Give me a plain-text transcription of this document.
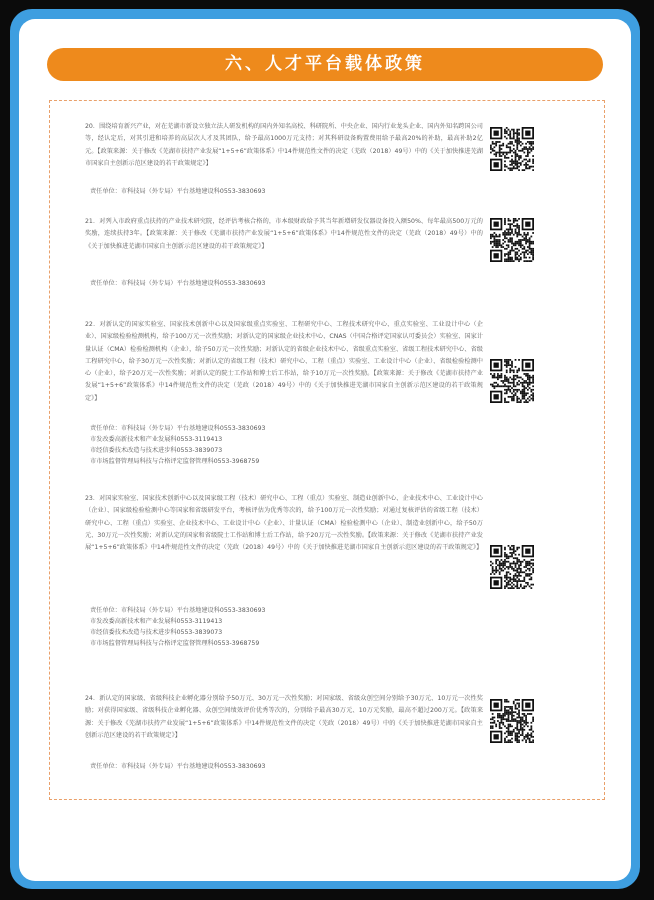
六、人才平台载体政策

20．围绕培育新兴产业，对在芜湖市新设立独立法人研发机构的国内外知名高校、科研院所、中央企业、国内行业龙头企业、国内外知名跨国公司等，经认定后，对其引进和培养的高层次人才及其团队，给予最高1000万元支持；对其科研设备购置费用给予最高20%的补助，最高补助2亿元。【政策来源：关于修改《芜湖市扶持产业发展“1+5+6”政策体系》中14件规范性文件的决定（芜政（2018）49号）中的《关于加快推进芜湖市国家自主创新示范区建设的若干政策规定》】

责任单位：市科技局（外专局）平台基地建设科0553-3830693

21．对列入市政府重点扶持的产业技术研究院，经评估考核合格的，市本级财政给予其当年新增研发仪器设备投入额50%、每年最高500万元的奖励，连续扶持3年。【政策来源：关于修改《芜湖市扶持产业发展“1+5+6”政策体系》中14件规范性文件的决定（芜政（2018）49号）中的《关于加快推进芜湖市国家自主创新示范区建设的若干政策规定》】

责任单位：市科技局（外专局）平台基地建设科0553-3830693

22．对新认定的国家实验室、国家技术创新中心以及国家级重点实验室、工程研究中心、工程技术研究中心、重点实验室、工业设计中心（企业）、国家级检验检测机构，给予100万元一次性奖励；对新认定的国家级企业技术中心、CNAS（中国合格评定国家认可委员会）实验室、国家计量认证（CMA）检验检测机构（企业），给予50万元一次性奖励；对新认定的省级企业技术中心、省级重点实验室、省级工程技术研究中心、省级工程研究中心，给予30万元一次性奖励；对新认定的省级工程（技术）研究中心、工程（重点）实验室、工业设计中心（企业）、省级检验检测中心（企业），给予20万元一次性奖励；对新认定的院士工作站和博士后工作站，给予10万元一次性奖励。【政策来源：关于修改《芜湖市扶持产业发展“1+5+6”政策体系》中14件规范性文件的决定（芜政（2018）49号）中的《关于加快推进芜湖市国家自主创新示范区建设的若干政策规定》】

责任单位：市科技局（外专局）平台基地建设科0553-3830693
市发改委高新技术和产业发展科0553-3119413
市经信委技术改造与技术进步科0553-3839073
市市场监督管理局科技与合格评定监督管理科0553-3968759

23．对国家实验室、国家技术创新中心以及国家级工程（技术）研究中心、工程（重点）实验室、制造业创新中心、企业技术中心、工业设计中心（企业）、国家级检验检测中心等国家和省级研发平台，考核评估为优秀等次的，给予100万元一次性奖励；对通过复核评估的省级工程（技术）研究中心、工程（重点）实验室、企业技术中心、工业设计中心（企业）、计量认证（CMA）检验检测中心（企业）、制造业创新中心，给予50万元、30万元一次性奖励；对新认定的国家和省级院士工作站和博士后工作站，给予20万元一次性奖励。【政策来源：关于修改《芜湖市扶持产业发展“1+5+6”政策体系》中14件规范性文件的决定（芜政（2018）49号）中的《关于加快推进芜湖市国家自主创新示范区建设的若干政策规定》】

责任单位：市科技局（外专局）平台基地建设科0553-3830693
市发改委高新技术和产业发展科0553-3119413
市经信委技术改造与技术进步科0553-3839073
市市场监督管理局科技与合格评定监督管理科0553-3968759

24．新认定的国家级、省级科技企业孵化器分别给予50万元、30万元一次性奖励；对国家级、省级众创空间分别给予30万元、10万元一次性奖励；对获得国家级、省级科技企业孵化器、众创空间绩效评价优秀等次的，分别给予最高30万元、10万元奖励，最高不超过200万元。【政策来源：关于修改《芜湖市扶持产业发展“1+5+6”政策体系》中14件规范性文件的决定（芜政（2018）49号）中的《关于加快推进芜湖市国家自主创新示范区建设的若干政策规定》】

责任单位：市科技局（外专局）平台基地建设科0553-3830693
